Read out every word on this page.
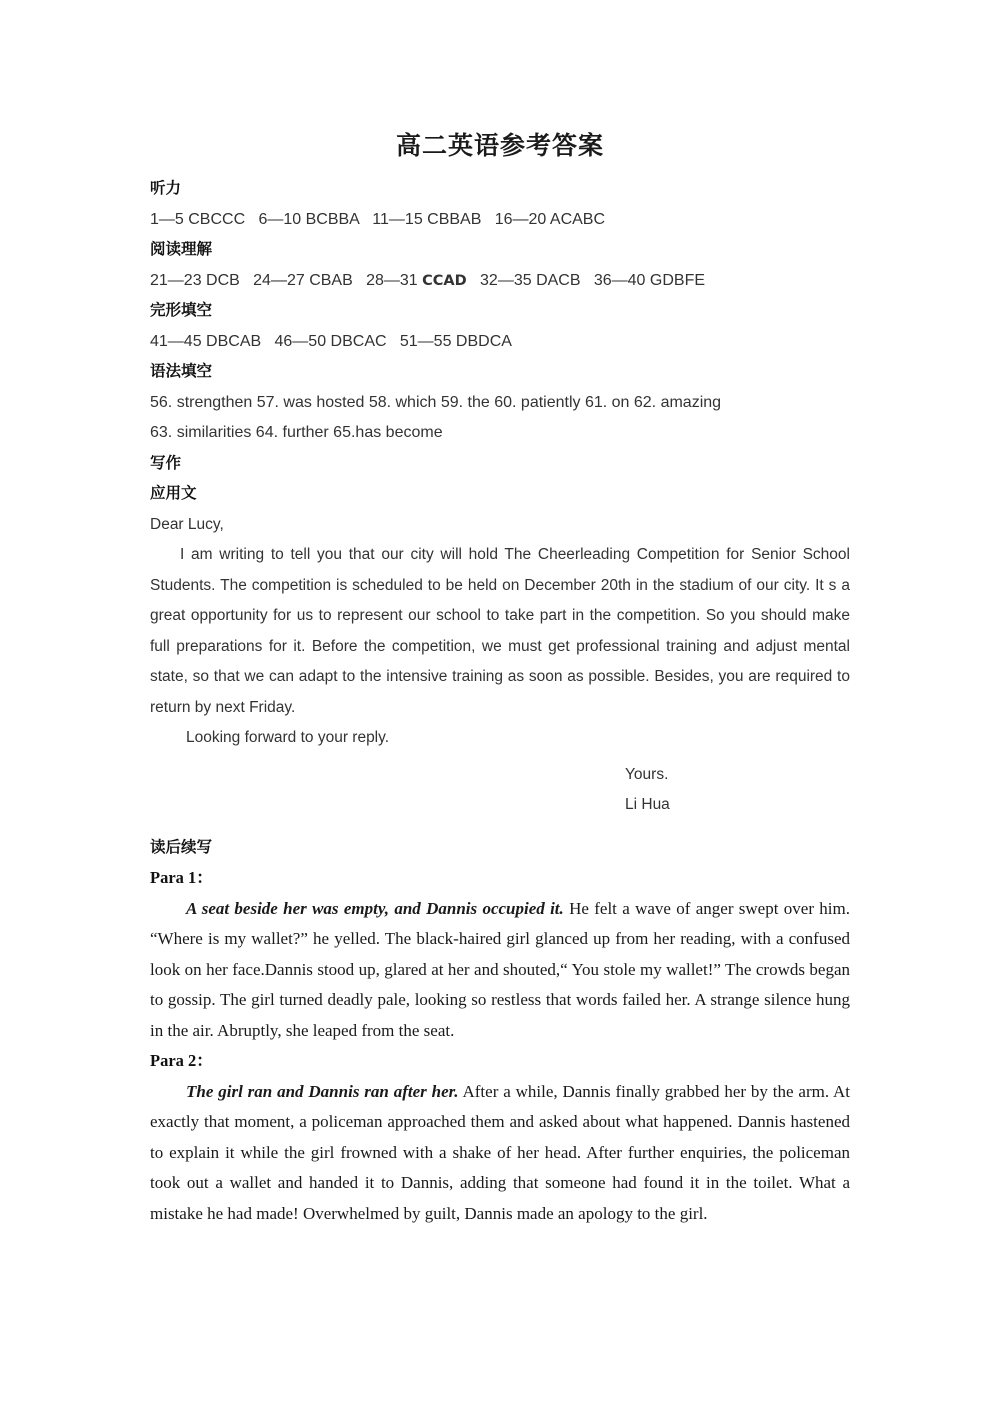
高二英语参考答案
听力
1—5 CBCCC   6—10 BCBBA   11—15 CBBAB   16—20 ACABC
阅读理解
21—23 DCB   24—27 CBAB   28—31 CCAD   32—35 DACB   36—40 GDBFE
完形填空
41—45 DBCAB   46—50 DBCAC   51—55 DBDCA
语法填空
56. strengthen 57. was hosted 58. which 59. the 60. patiently 61. on 62. amazing
63. similarities 64. further 65.has become
写作
应用文
Dear Lucy,
I am writing to tell you that our city will hold The Cheerleading Competition for Senior School Students. The competition is scheduled to be held on December 20th in the stadium of our city. It s a great opportunity for us to represent our school to take part in the competition. So you should make full preparations for it. Before the competition, we must get professional training and adjust mental state, so that we can adapt to the intensive training as soon as possible. Besides, you are required to return by next Friday.
Looking forward to your reply.
Yours.
Li Hua
读后续写
Para 1：
A seat beside her was empty, and Dannis occupied it. He felt a wave of anger swept over him. “Where is my wallet?” he yelled. The black-haired girl glanced up from her reading, with a confused look on her face.Dannis stood up, glared at her and shouted,“ You stole my wallet!” The crowds began to gossip. The girl turned deadly pale, looking so restless that words failed her. A strange silence hung in the air. Abruptly, she leaped from the seat.
Para 2：
The girl ran and Dannis ran after her. After a while, Dannis finally grabbed her by the arm. At exactly that moment, a policeman approached them and asked about what happened. Dannis hastened to explain it while the girl frowned with a shake of her head. After further enquiries, the policeman took out a wallet and handed it to Dannis, adding that someone had found it in the toilet. What a mistake he had made! Overwhelmed by guilt, Dannis made an apology to the girl.
